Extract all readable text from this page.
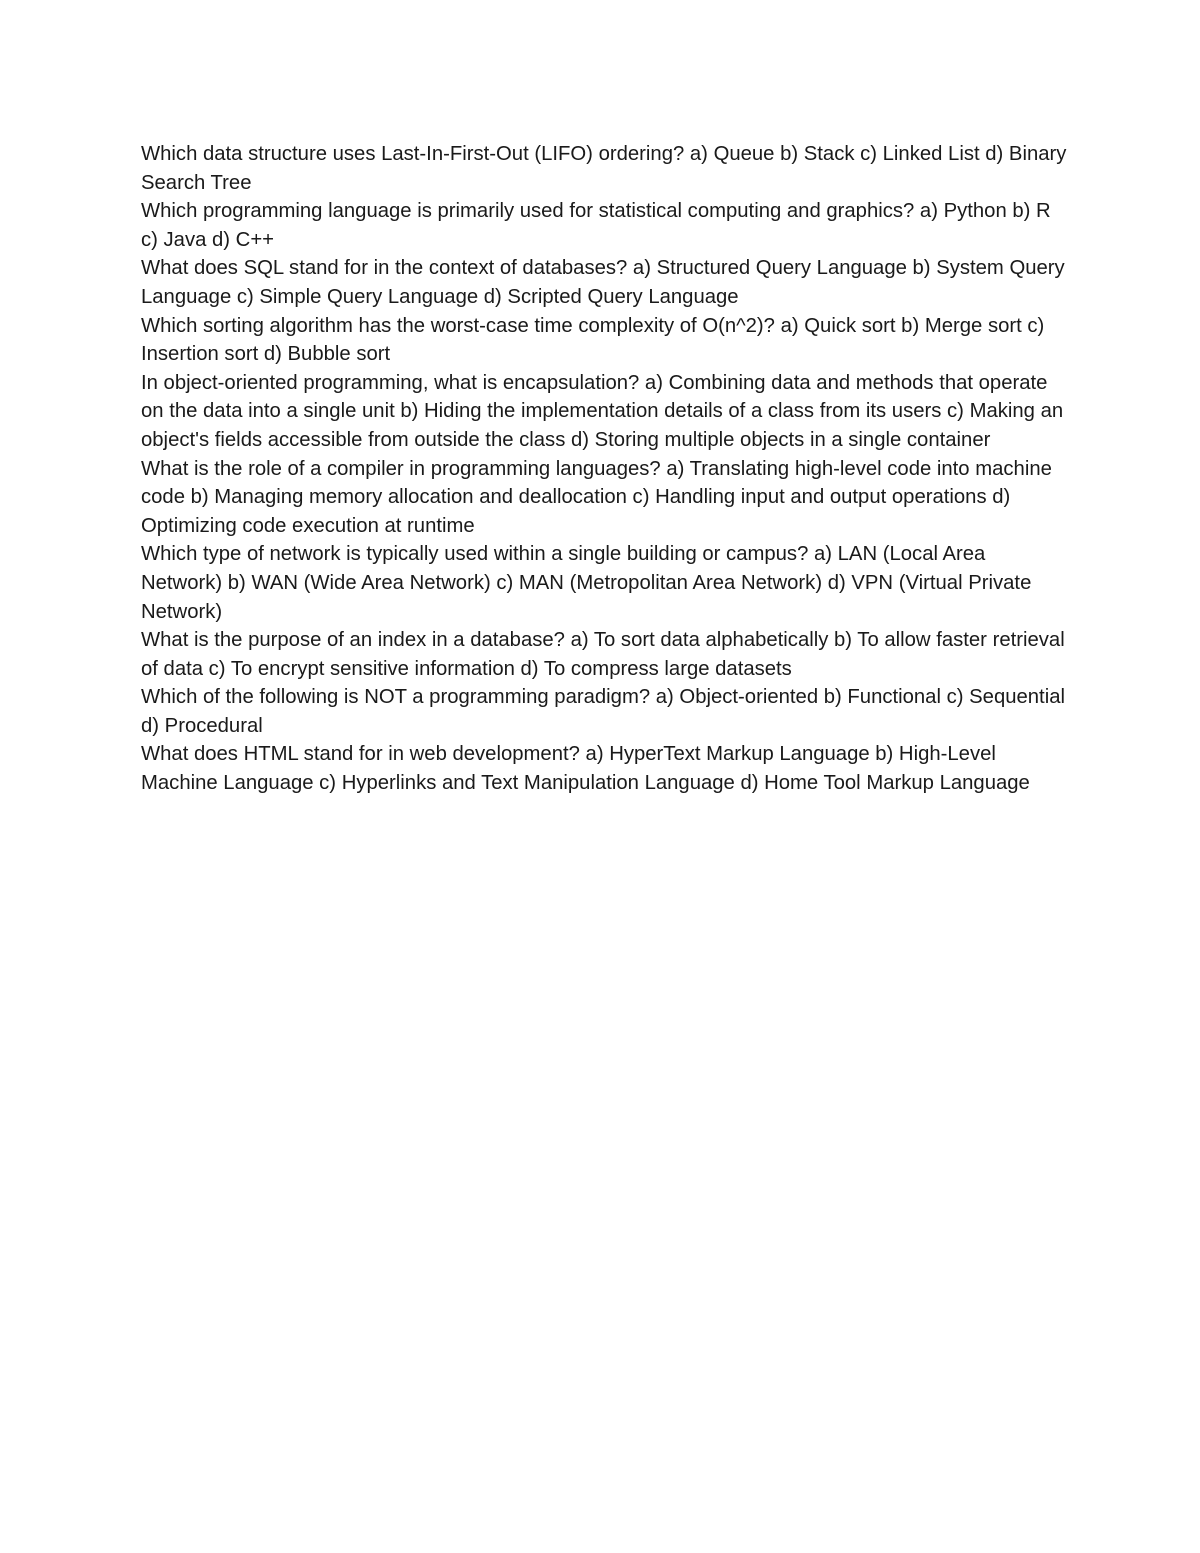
Which data structure uses Last-In-First-Out (LIFO) ordering? a) Queue b) Stack c) Linked List d) Binary Search Tree

Which programming language is primarily used for statistical computing and graphics? a) Python b) R c) Java d) C++

What does SQL stand for in the context of databases? a) Structured Query Language b) System Query Language c) Simple Query Language d) Scripted Query Language

Which sorting algorithm has the worst-case time complexity of O(n^2)? a) Quick sort b) Merge sort c) Insertion sort d) Bubble sort

In object-oriented programming, what is encapsulation? a) Combining data and methods that operate on the data into a single unit b) Hiding the implementation details of a class from its users c) Making an object's fields accessible from outside the class d) Storing multiple objects in a single container

What is the role of a compiler in programming languages? a) Translating high-level code into machine code b) Managing memory allocation and deallocation c) Handling input and output operations d) Optimizing code execution at runtime

Which type of network is typically used within a single building or campus? a) LAN (Local Area Network) b) WAN (Wide Area Network) c) MAN (Metropolitan Area Network) d) VPN (Virtual Private Network)

What is the purpose of an index in a database? a) To sort data alphabetically b) To allow faster retrieval of data c) To encrypt sensitive information d) To compress large datasets

Which of the following is NOT a programming paradigm? a) Object-oriented b) Functional c) Sequential d) Procedural

What does HTML stand for in web development? a) HyperText Markup Language b) High-Level Machine Language c) Hyperlinks and Text Manipulation Language d) Home Tool Markup Language
